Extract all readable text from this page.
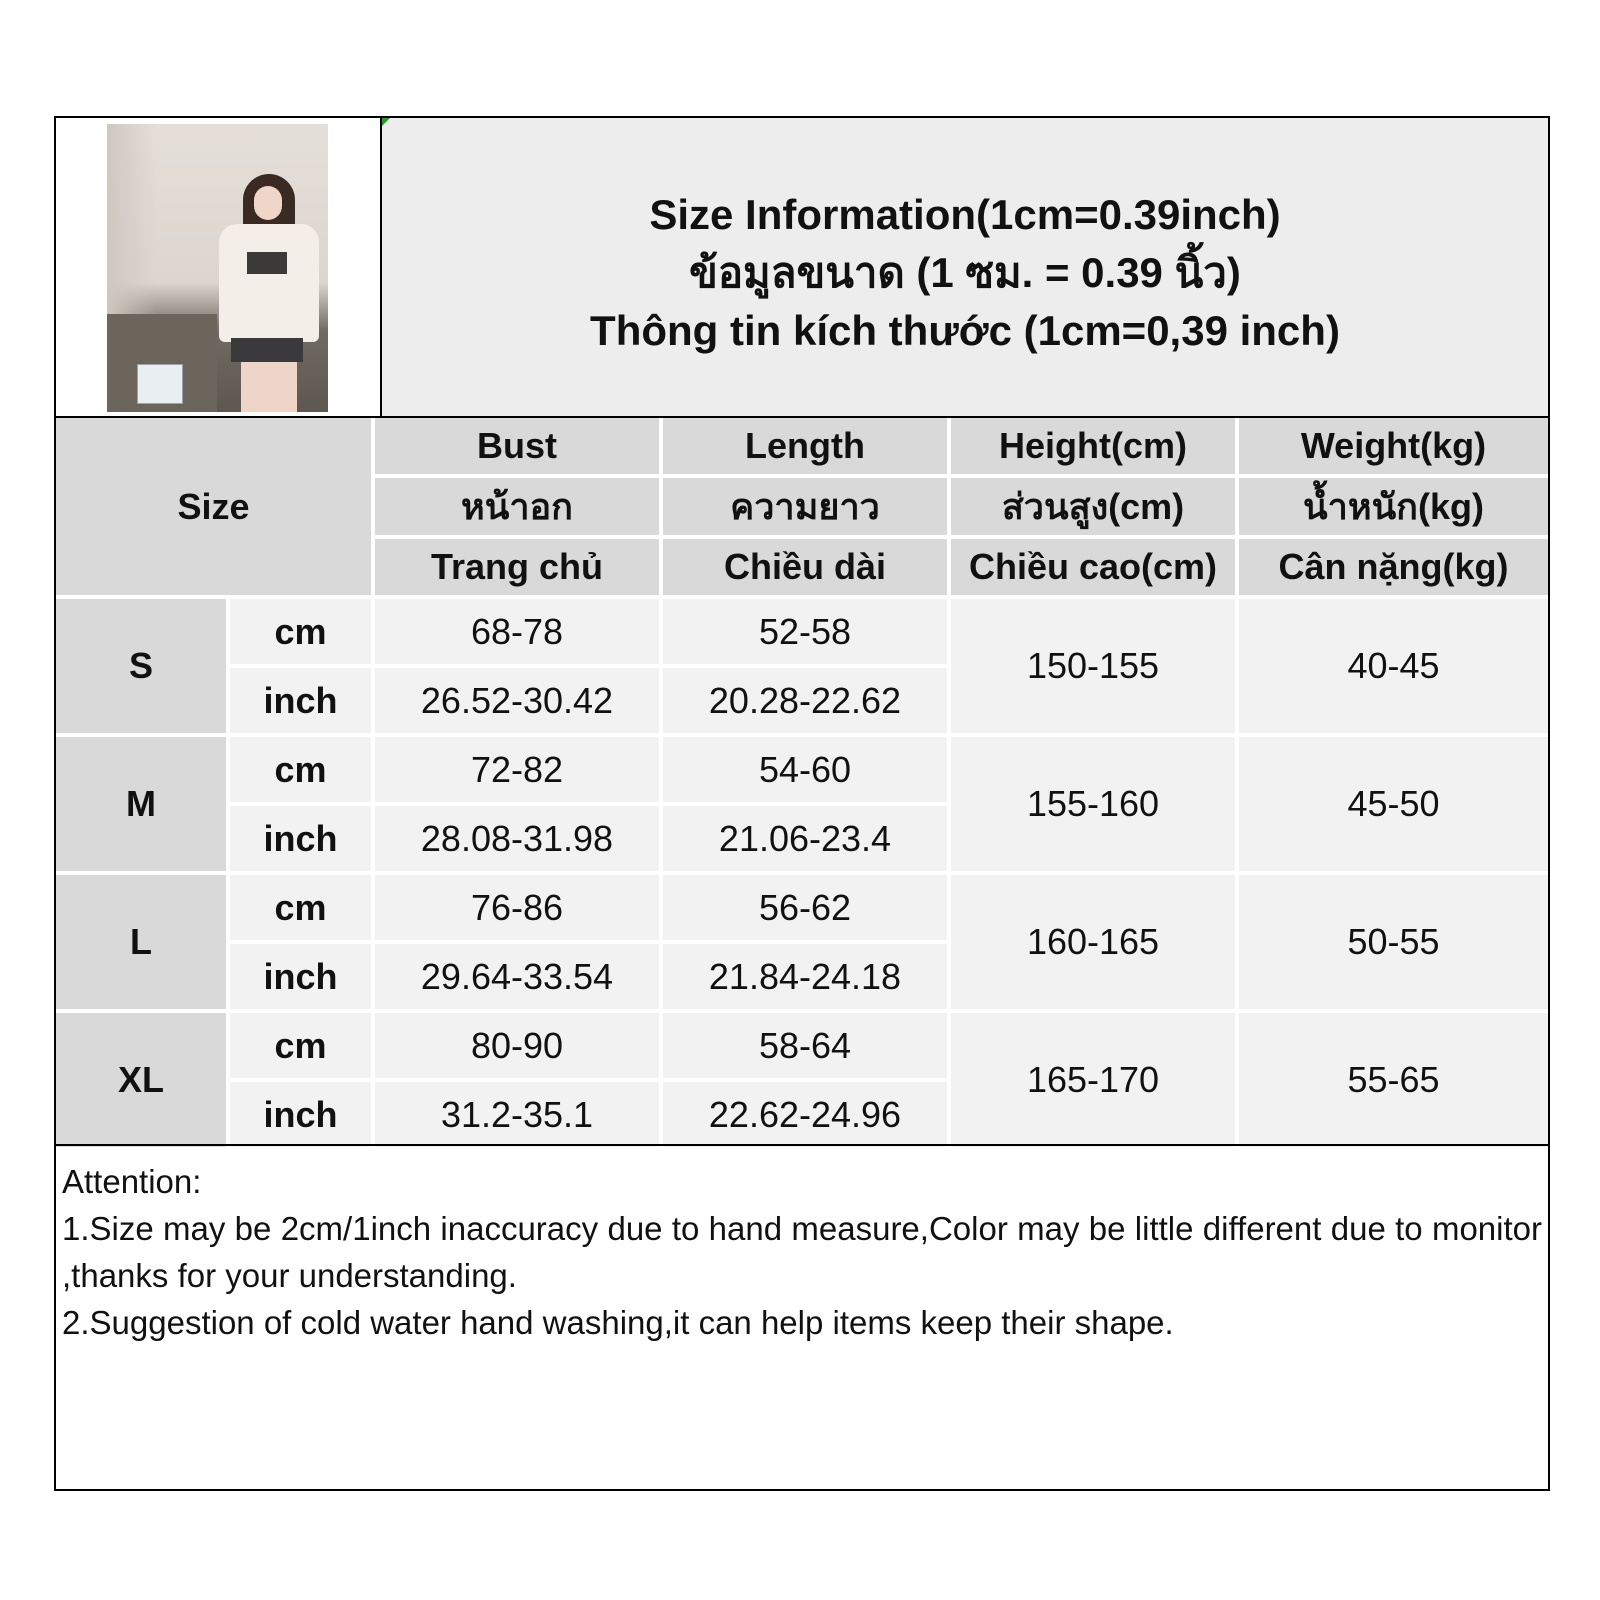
Size Information(1cm=0.39inch)
ข้อมูลขนาด (1 ซม. = 0.39 นิ้ว)
Thông tin kích thước (1cm=0,39 inch)
Size		Bust	Length	Height(cm)	Weight(kg)
		หน้าอก	ความยาว	ส่วนสูง(cm)	น้ำหนัก(kg)
		Trang chủ	Chiều dài	Chiều cao(cm)	Cân nặng(kg)
S	cm	68-78	52-58	150-155	40-45
	inch	26.52-30.42	20.28-22.62		
M	cm	72-82	54-60	155-160	45-50
	inch	28.08-31.98	21.06-23.4		
L	cm	76-86	56-62	160-165	50-55
	inch	29.64-33.54	21.84-24.18		
XL	cm	80-90	58-64	165-170	55-65
	inch	31.2-35.1	22.62-24.96		
Attention:
1.Size may be 2cm/1inch inaccuracy due to hand measure,Color may be little different due to monitor ,thanks for your understanding.
2.Suggestion of cold water hand washing,it can help items keep their shape.
